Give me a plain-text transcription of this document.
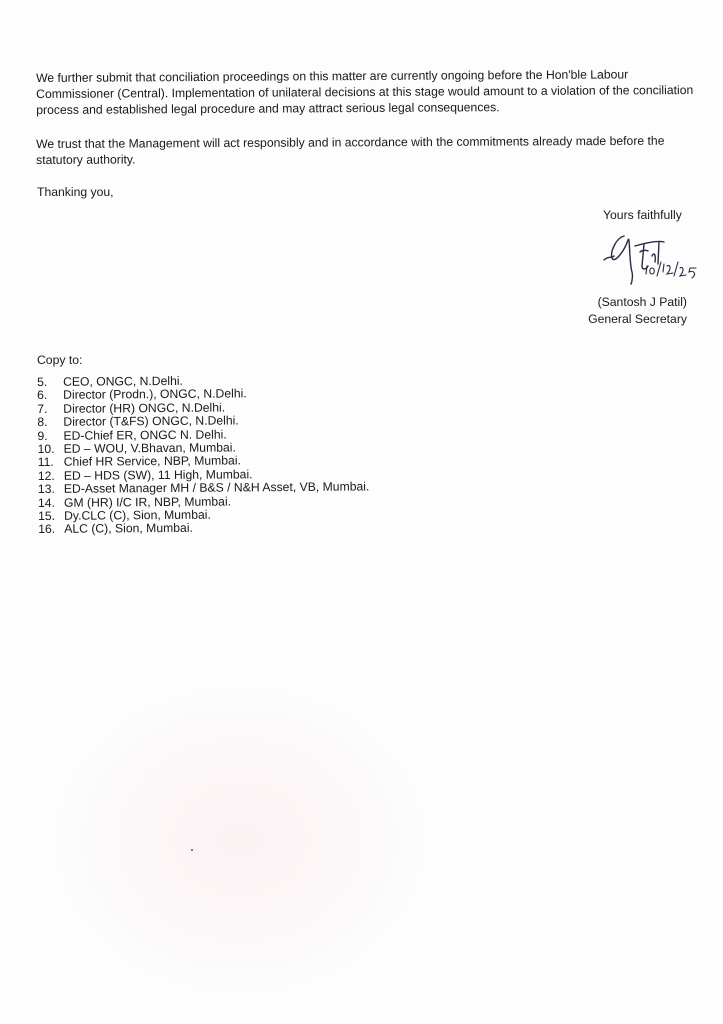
We further submit that conciliation proceedings on this matter are currently ongoing before the Hon'ble Labour Commissioner (Central). Implementation of unilateral decisions at this stage would amount to a violation of the conciliation process and established legal procedure and may attract serious legal consequences.

We trust that the Management will act responsibly and in accordance with the commitments already made before the statutory authority.

Thanking you,

Yours faithfully

(Santosh J Patil)
General Secretary

Copy to:

5.	CEO, ONGC, N.Delhi.
6.	Director (Prodn.), ONGC, N.Delhi.
7.	Director (HR) ONGC, N.Delhi.
8.	Director (T&FS) ONGC, N.Delhi.
9.	ED-Chief ER, ONGC N. Delhi.
10. ED – WOU, V.Bhavan, Mumbai.
11. Chief HR Service, NBP, Mumbai.
12. ED – HDS (SW), 11 High, Mumbai.
13. ED-Asset Manager MH / B&S / N&H Asset, VB, Mumbai.
14. GM (HR) I/C IR, NBP, Mumbai.
15. Dy.CLC (C), Sion, Mumbai.
16. ALC (C), Sion, Mumbai.
